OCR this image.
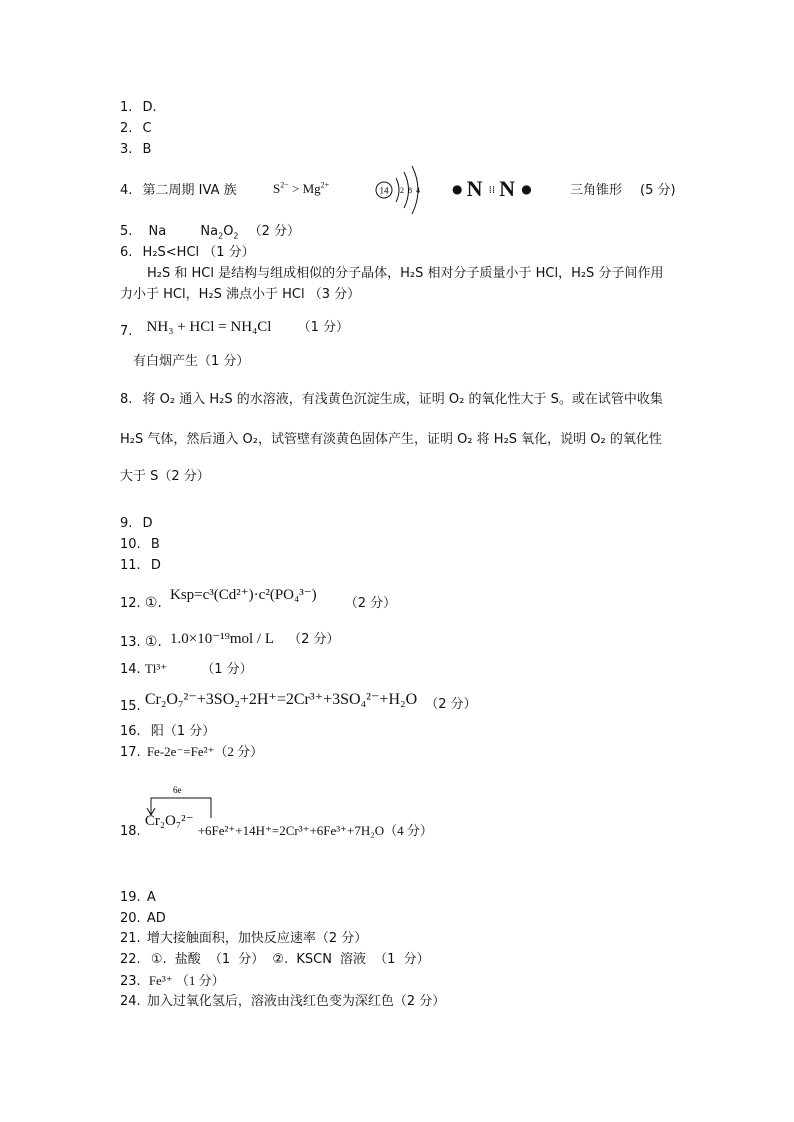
1. D.
2. C
3. B
4. 第二周期 IVA 族	$S^{2-} > Mg^{2+}$
14 2 8 4	● N ⁞⁞ N ●	三角锥形 (5 分)
5. Na	$Na_2O_2$ （2 分）
6. H₂S<HCl （1 分）
H₂S 和 HCl 是结构与组成相似的分子晶体，H₂S 相对分子质量小于 HCl，H₂S 分子间作用
力小于 HCl，H₂S 沸点小于 HCl （3 分）
7. NH₃ + HCl = NH₄Cl （1 分）
有白烟产生（1 分）
8. 将 O₂ 通入 H₂S 的水溶液，有浅黄色沉淀生成，证明 O₂ 的氧化性大于 S。或在试管中收集
H₂S 气体，然后通入 O₂，试管壁有淡黄色固体产生，证明 O₂ 将 H₂S 氧化，说明 O₂ 的氧化性
大于 S（2 分）
9. D
10. B
11. D
12. ①. Ksp=c³(Cd²⁺)·c²(PO₄³⁻) （2 分）
13. ①. 1.0×10⁻¹⁹mol / L （2 分）
14. Tl³⁺	（1 分）
15. Cr₂O₇²⁻+3SO₂+2H⁺=2Cr³⁺+3SO₄²⁻+H₂O （2 分）
16. 阳（1 分）
17. Fe-2e⁻=Fe²⁺（2 分）
6e
18. Cr₂O₇²⁻ +6Fe²⁺+14H⁺=2Cr³⁺+6Fe³⁺+7H₂O（4 分）
19. A
20. AD
21. 增大接触面积，加快反应速率（2 分）
22. ①. 盐酸 （1 分） ②. KSCN 溶液 （1 分）
23. Fe³⁺ （1 分）
24. 加入过氧化氢后，溶液由浅红色变为深红色（2 分）
